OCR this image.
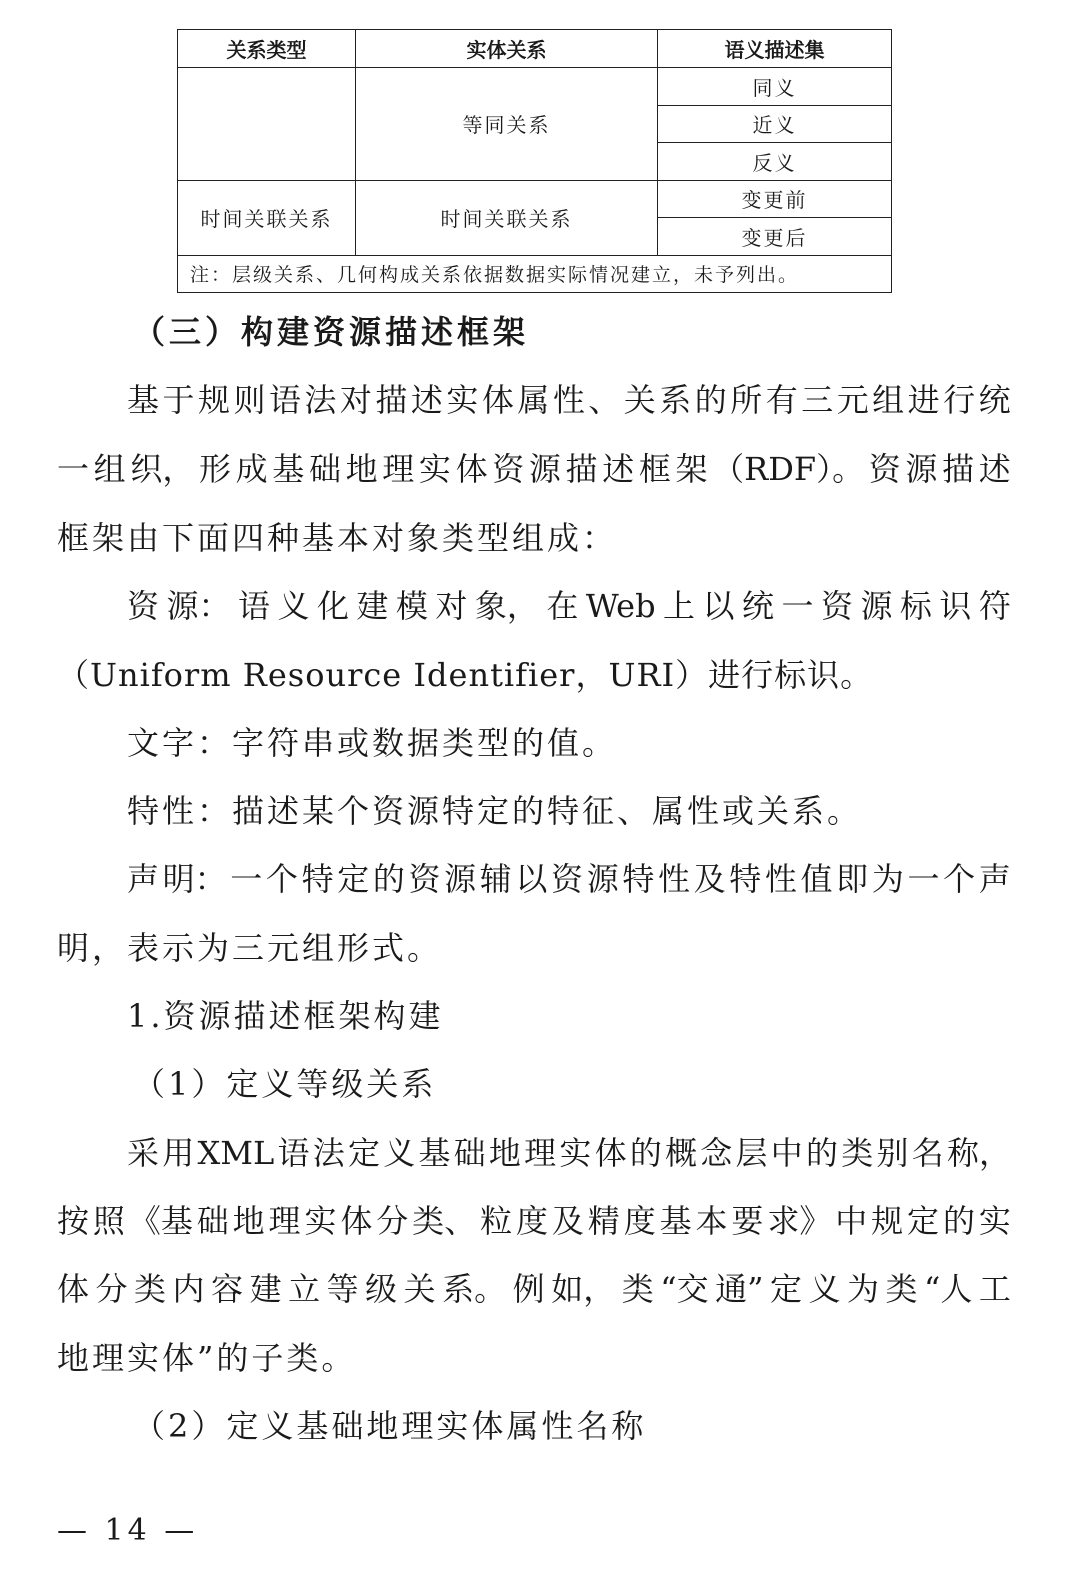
关系类型	实体关系	语义描述集
	等同关系	同义
		近义
		反义
时间关联关系	时间关联关系	变更前
		变更后
注：层级关系、几何构成关系依据数据实际情况建立，未予列出。		
（三）构建资源描述框架
基 于 规 则 语 法 对 描 述 实 体 属 性 、 关 系 的 所 有 三 元 组 进 行 统
一 组 织， 形 成 基 础 地 理 实 体 资 源 描 述 框 架 （RDF）。 资 源 描 述
框架由下面四种基本对象类型组成：
资 源： 语 义 化 建 模 对 象， 在 Web 上 以 统 一 资 源 标 识 符
（Uniform Resource Identifier，URI）进行标识。
文字：字符串或数据类型的值。
特性：描述某个资源特定的特征、属性或关系。
声 明： 一 个 特 定 的 资 源 辅 以 资 源 特 性 及 特 性 值 即 为 一 个 声
明，表示为三元组形式。
1.资源描述框架构建
（1）定义等级关系
采 用 XML 语 法 定 义 基 础 地 理 实 体 的 概 念 层 中 的 类 别 名 称，
按 照 《基 础 地 理 实 体 分 类、 粒 度 及 精 度 基 本 要 求》 中 规 定 的 实
体 分 类 内 容 建 立 等 级 关 系。 例 如， 类 “交 通” 定 义 为 类 “人 工
地理实体”的子类。
（2）定义基础地理实体属性名称
— 14 —
